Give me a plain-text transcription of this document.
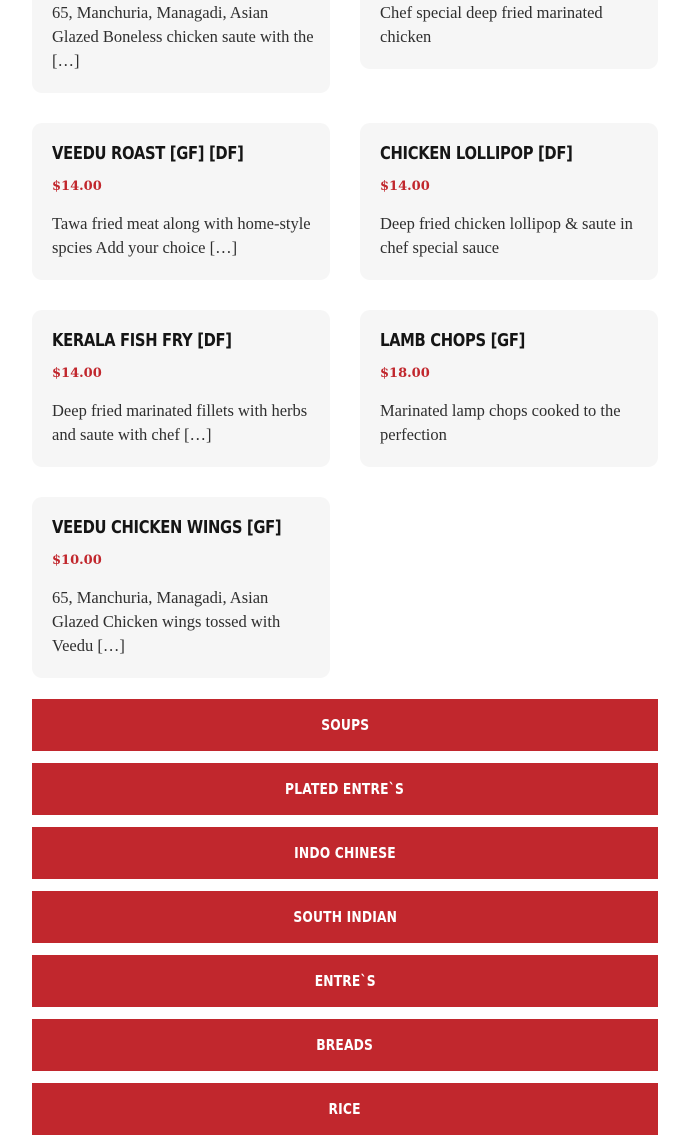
65, Manchuria, Managadi, Asian Glazed Boneless chicken saute with the […]

Chef special deep fried marinated chicken

VEEDU ROAST [GF] [DF]
$14.00

Tawa fried meat along with home-style spcies Add your choice […]

CHICKEN LOLLIPOP [DF]
$14.00

Deep fried chicken lollipop & saute in chef special sauce

KERALA FISH FRY [DF]
$14.00

Deep fried marinated fillets with herbs and saute with chef […]

LAMB CHOPS [GF]
$18.00

Marinated lamp chops cooked to the perfection

VEEDU CHICKEN WINGS [GF]
$10.00

65, Manchuria, Managadi, Asian Glazed Chicken wings tossed with Veedu […]

SOUPS
PLATED ENTRE`S
INDO CHINESE
SOUTH INDIAN
ENTRE`S
BREADS
RICE
